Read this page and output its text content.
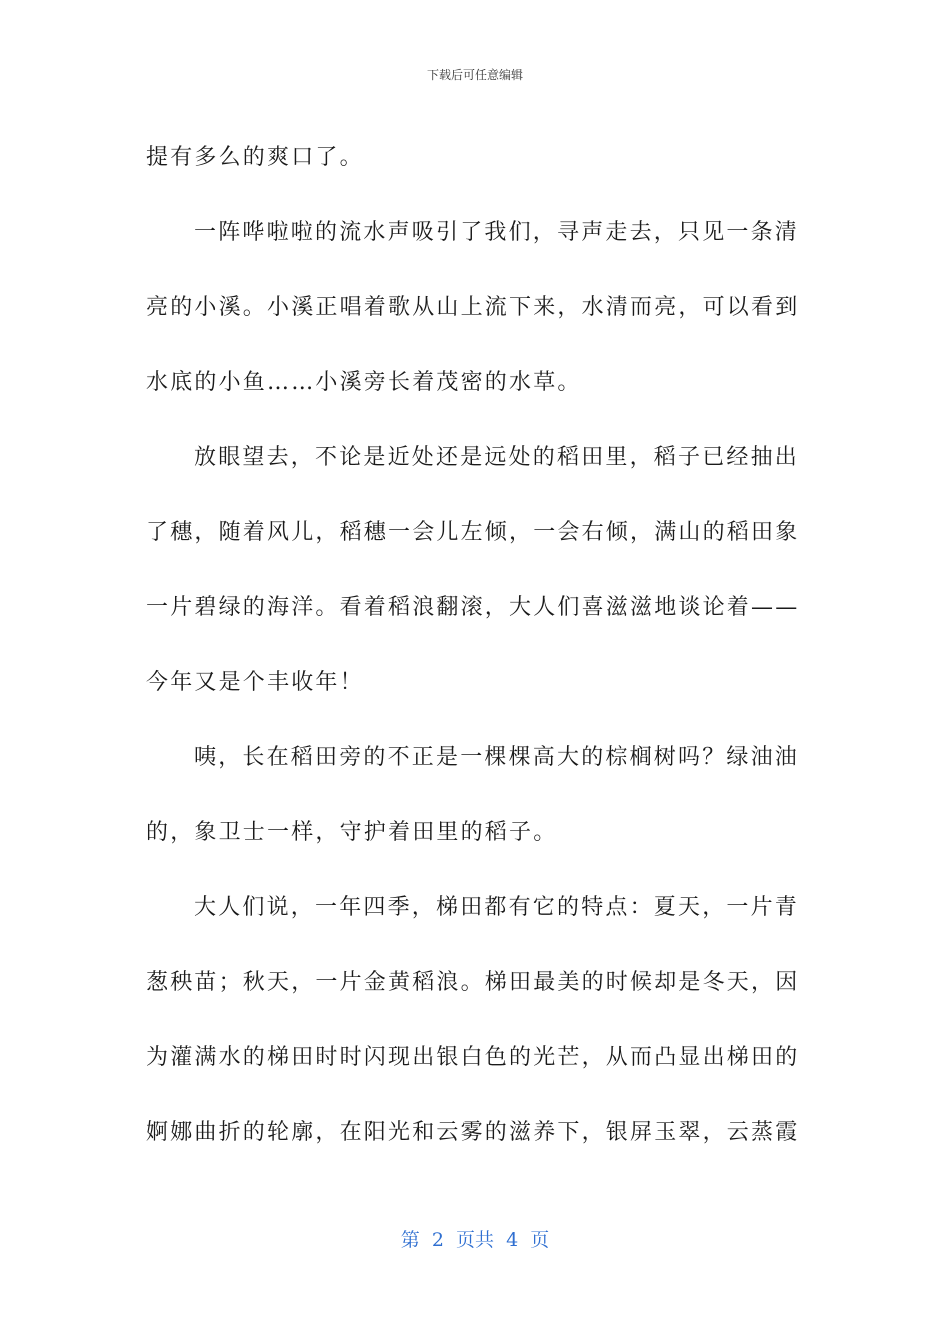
下载后可任意编辑
提有多么的爽口了。
一阵哗啦啦的流水声吸引了我们，寻声走去，只见一条清
亮的小溪。小溪正唱着歌从山上流下来，水清而亮，可以看到
水底的小鱼……小溪旁长着茂密的水草。
放眼望去，不论是近处还是远处的稻田里，稻子已经抽出
了穗，随着风儿，稻穗一会儿左倾，一会右倾，满山的稻田象
一片碧绿的海洋。看着稻浪翻滚，大人们喜滋滋地谈论着——
今年又是个丰收年！
咦，长在稻田旁的不正是一棵棵高大的棕榈树吗？绿油油
的，象卫士一样，守护着田里的稻子。
大人们说，一年四季，梯田都有它的特点：夏天，一片青
葱秧苗；秋天，一片金黄稻浪。梯田最美的时候却是冬天，因
为灌满水的梯田时时闪现出银白色的光芒，从而凸显出梯田的
婀娜曲折的轮廓，在阳光和云雾的滋养下，银屏玉翠，云蒸霞
第  2  页共  4  页
